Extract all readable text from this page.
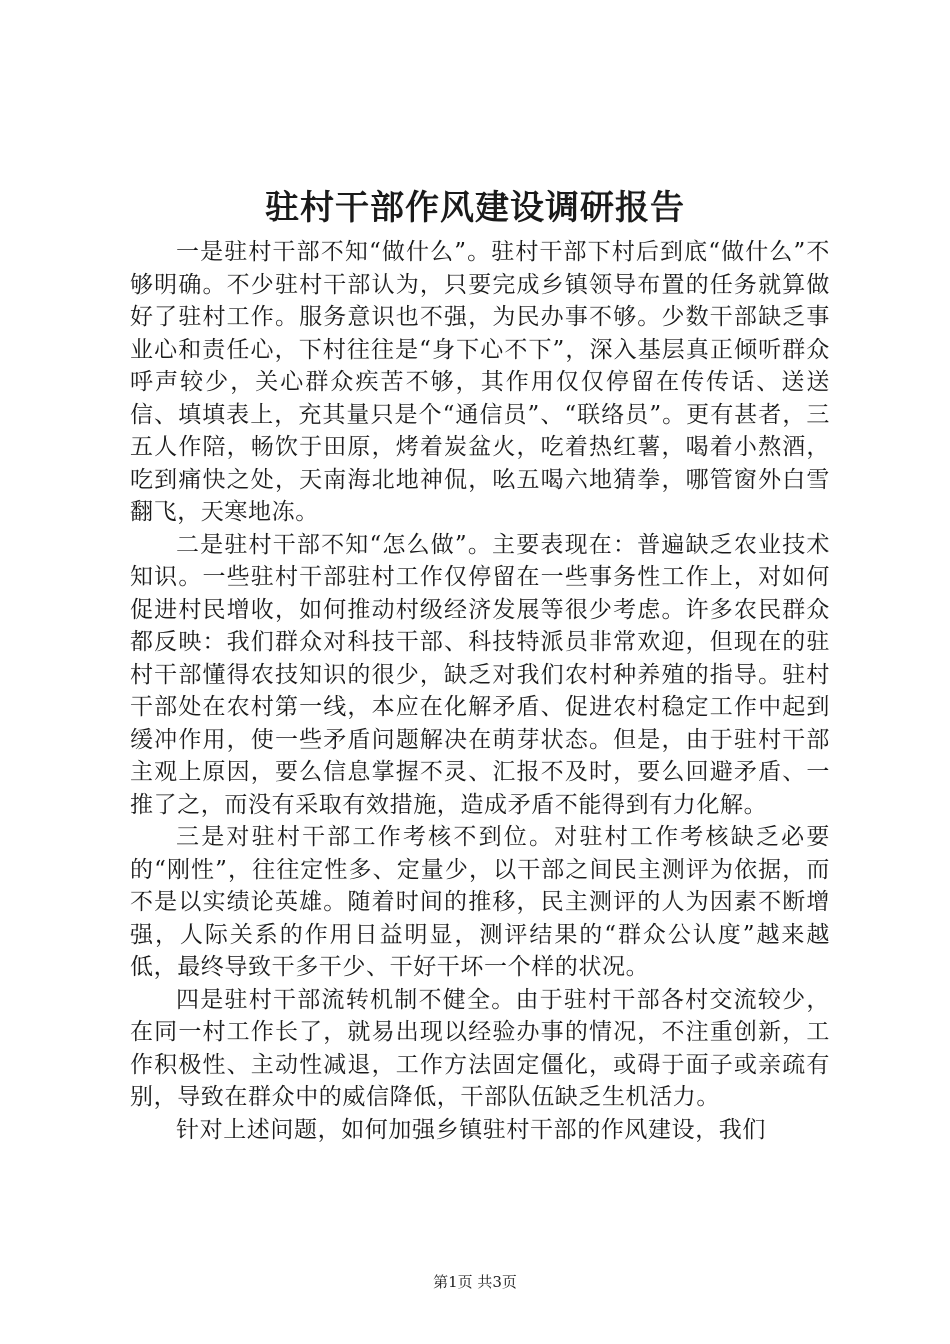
驻村干部作风建设调研报告

一是驻村干部不知“做什么”。驻村干部下村后到底“做什么”不够明确。不少驻村干部认为，只要完成乡镇领导布置的任务就算做好了驻村工作。服务意识也不强，为民办事不够。少数干部缺乏事业心和责任心，下村往往是“身下心不下”，深入基层真正倾听群众呼声较少，关心群众疾苦不够，其作用仅仅停留在传传话、送送信、填填表上，充其量只是个“通信员”、“联络员”。更有甚者，三五人作陪，畅饮于田原，烤着炭盆火，吃着热红薯，喝着小熬酒，吃到痛快之处，天南海北地神侃，吆五喝六地猜拳，哪管窗外白雪翻飞，天寒地冻。

二是驻村干部不知“怎么做”。主要表现在：普遍缺乏农业技术知识。一些驻村干部驻村工作仅停留在一些事务性工作上，对如何促进村民增收，如何推动村级经济发展等很少考虑。许多农民群众都反映：我们群众对科技干部、科技特派员非常欢迎，但现在的驻村干部懂得农技知识的很少，缺乏对我们农村种养殖的指导。驻村干部处在农村第一线，本应在化解矛盾、促进农村稳定工作中起到缓冲作用，使一些矛盾问题解决在萌芽状态。但是，由于驻村干部主观上原因，要么信息掌握不灵、汇报不及时，要么回避矛盾、一推了之，而没有采取有效措施，造成矛盾不能得到有力化解。

三是对驻村干部工作考核不到位。对驻村工作考核缺乏必要的“刚性”，往往定性多、定量少，以干部之间民主测评为依据，而不是以实绩论英雄。随着时间的推移，民主测评的人为因素不断增强，人际关系的作用日益明显，测评结果的“群众公认度”越来越低，最终导致干多干少、干好干坏一个样的状况。

四是驻村干部流转机制不健全。由于驻村干部各村交流较少，在同一村工作长了，就易出现以经验办事的情况，不注重创新，工作积极性、主动性减退，工作方法固定僵化，或碍于面子或亲疏有别，导致在群众中的威信降低，干部队伍缺乏生机活力。

针对上述问题，如何加强乡镇驻村干部的作风建设，我们

第1页 共3页
